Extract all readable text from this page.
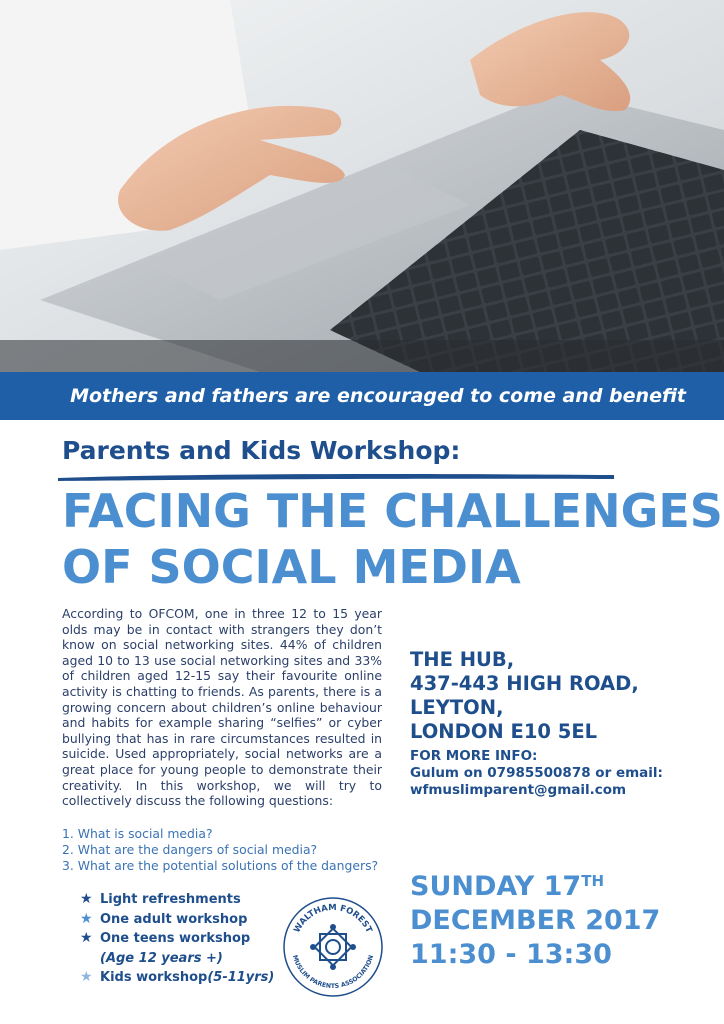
Mothers and fathers are encouraged to come and benefit
Parents and Kids Workshop:
FACING THE CHALLENGES
OF SOCIAL MEDIA
According to OFCOM, one in three 12 to 15 year olds may be in contact with strangers they don’t know on social networking sites. 44% of children aged 10 to 13 use social networking sites and 33% of children aged 12-15 say their favourite online activity is chatting to friends. As parents, there is a growing concern about children’s online behaviour and habits for example sharing “selfies” or cyber bullying that has in rare circumstances resulted in suicide. Used appropriately, social networks are a great place for young people to demonstrate their creativity. In this workshop, we will try to collectively discuss the following questions:
1. What is social media?
2. What are the dangers of social media?
3. What are the potential solutions of the dangers?
★ Light refreshments
★ One adult workshop
★ One teens workshop
(Age 12 years +)
★ Kids workshop (5-11yrs)
WALTHAM FOREST
MUSLIM PARENTS ASSOCIATION
THE HUB,
437-443 HIGH ROAD,
LEYTON,
LONDON E10 5EL
FOR MORE INFO:
Gulum on 07985500878 or email:
wfmuslimparent@gmail.com
SUNDAY 17TH
DECEMBER 2017
11:30 - 13:30
